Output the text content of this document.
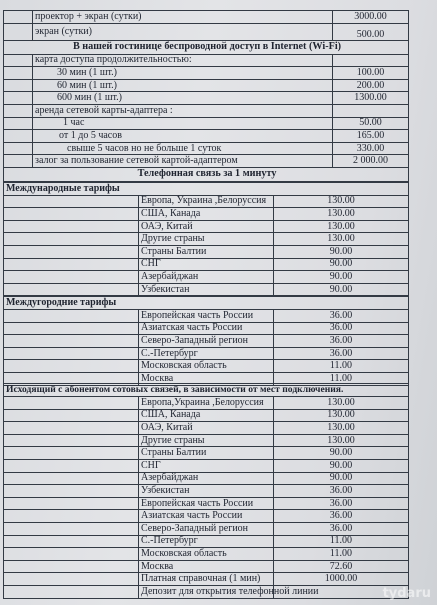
	проектор + экран (сутки)	3000.00
	экран (сутки)	500.00
В нашей гостинице беспроводной доступ в Internet (Wi-Fi)		
	карта доступа продолжительностью:	
	30 мин (1 шт.)	100.00
	60 мин (1 шт.)	200.00
	600 мин (1 шт.)	1300.00
	аренда сетевой карты-адаптера :	
	1 час	50.00
	от 1 до 5 часов	165.00
	свыше 5 часов но не больше 1 суток	330.00
	залог за пользование сетевой картой-адаптером	2 000.00
Телефонная связь за 1 минуту		
Международные тарифы		
	Европа, Украина ,Белоруссия	130.00
	США, Канада	130.00
	ОАЭ, Китай	130.00
	Другие страны	130.00
	Страны Балтии	90.00
	СНГ	90.00
	Азербайджан	90.00
	Узбекистан	90.00
Междугородние тарифы		
	Европейская часть России	36.00
	Азиатская часть России	36.00
	Северо-Западный регион	36.00
	С.-Петербург	36.00
	Московская область	11.00
	Москва	11.00
Исходящий с абонентом сотовых связей, в зависимости от мест подключения.		
	Европа,Украина ,Белоруссия	130.00
	США, Канада	130.00
	ОАЭ, Китай	130.00
	Другие страны	130.00
	Страны Балтии	90.00
	СНГ	90.00
	Азербайджан	90.00
	Узбекистан	36.00
	Европейская часть России	36.00
	Азиатская часть России	36.00
	Северо-Западный регион	36.00
	С.-Петербург	11.00
	Московская область	11.00
	Москва	72.60
	Платная справочная (1 мин)	1000.00
	Депозит для открытия телефонной линии		tydaru
